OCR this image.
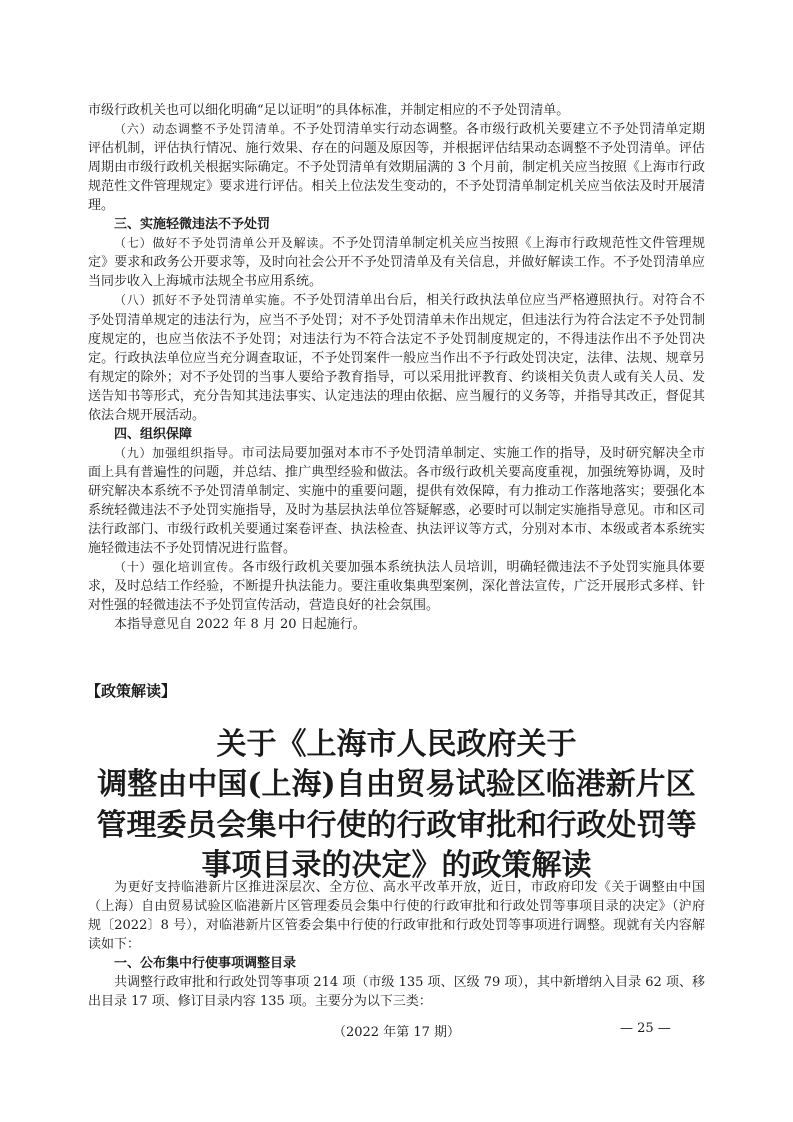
市级行政机关也可以细化明确“足以证明”的具体标准，并制定相应的不予处罚清单。

（六）动态调整不予处罚清单。不予处罚清单实行动态调整。各市级行政机关要建立不予处罚清单定期评估机制，评估执行情况、施行效果、存在的问题及原因等，并根据评估结果动态调整不予处罚清单。评估周期由市级行政机关根据实际确定。不予处罚清单有效期届满的 3 个月前，制定机关应当按照《上海市行政规范性文件管理规定》要求进行评估。相关上位法发生变动的，不予处罚清单制定机关应当依法及时开展清理。

三、实施轻微违法不予处罚

（七）做好不予处罚清单公开及解读。不予处罚清单制定机关应当按照《上海市行政规范性文件管理规定》要求和政务公开要求等，及时向社会公开不予处罚清单及有关信息，并做好解读工作。不予处罚清单应当同步收入上海城市法规全书应用系统。

（八）抓好不予处罚清单实施。不予处罚清单出台后，相关行政执法单位应当严格遵照执行。对符合不予处罚清单规定的违法行为，应当不予处罚；对不予处罚清单未作出规定，但违法行为符合法定不予处罚制度规定的，也应当依法不予处罚；对违法行为不符合法定不予处罚制度规定的，不得违法作出不予处罚决定。行政执法单位应当充分调查取证，不予处罚案件一般应当作出不予行政处罚决定，法律、法规、规章另有规定的除外；对不予处罚的当事人要给予教育指导，可以采用批评教育、约谈相关负责人或有关人员、发送告知书等形式，充分告知其违法事实、认定违法的理由依据、应当履行的义务等，并指导其改正，督促其依法合规开展活动。

四、组织保障

（九）加强组织指导。市司法局要加强对本市不予处罚清单制定、实施工作的指导，及时研究解决全市面上具有普遍性的问题，并总结、推广典型经验和做法。各市级行政机关要高度重视，加强统筹协调，及时研究解决本系统不予处罚清单制定、实施中的重要问题，提供有效保障，有力推动工作落地落实；要强化本系统轻微违法不予处罚实施指导，及时为基层执法单位答疑解惑，必要时可以制定实施指导意见。市和区司法行政部门、市级行政机关要通过案卷评查、执法检查、执法评议等方式，分别对本市、本级或者本系统实施轻微违法不予处罚情况进行监督。

（十）强化培训宣传。各市级行政机关要加强本系统执法人员培训，明确轻微违法不予处罚实施具体要求，及时总结工作经验，不断提升执法能力。要注重收集典型案例，深化普法宣传，广泛开展形式多样、针对性强的轻微违法不予处罚宣传活动，营造良好的社会氛围。

本指导意见自 2022 年 8 月 20 日起施行。

【政策解读】
关于《上海市人民政府关于
调整由中国(上海)自由贸易试验区临港新片区
管理委员会集中行使的行政审批和行政处罚等
事项目录的决定》的政策解读

为更好支持临港新片区推进深层次、全方位、高水平改革开放，近日，市政府印发《关于调整由中国（上海）自由贸易试验区临港新片区管理委员会集中行使的行政审批和行政处罚等事项目录的决定》（沪府规〔2022〕8 号），对临港新片区管委会集中行使的行政审批和行政处罚等事项进行调整。现就有关内容解读如下：

一、公布集中行使事项调整目录

共调整行政审批和行政处罚等事项 214 项（市级 135 项、区级 79 项），其中新增纳入目录 62 项、移出目录 17 项、修订目录内容 135 项。主要分为以下三类：

（2022 年第 17 期）	— 25 —
